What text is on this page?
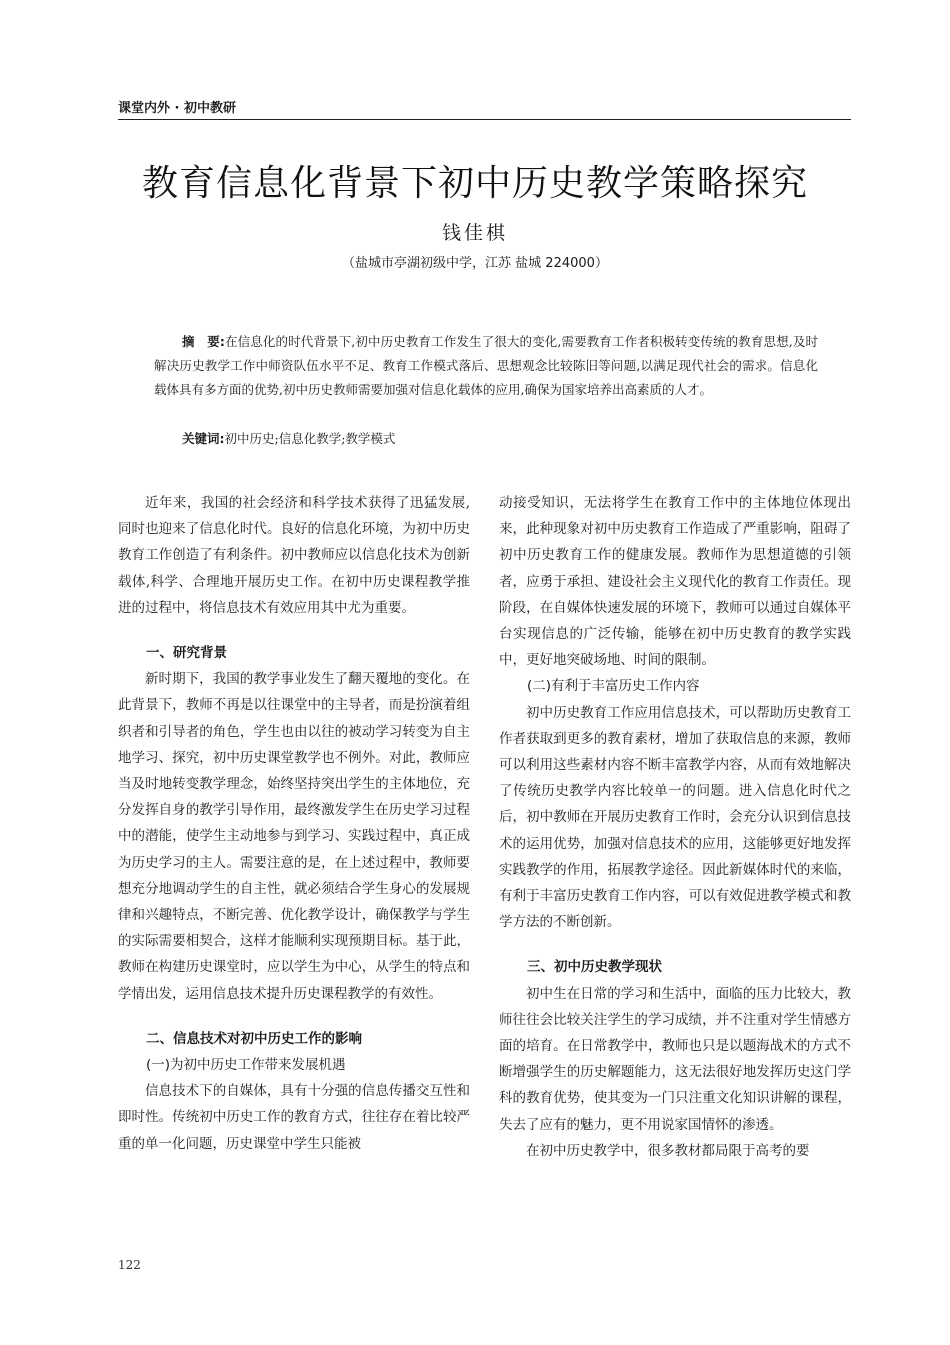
课堂内外 · 初中教研
教育信息化背景下初中历史教学策略探究
钱佳棋
（盐城市亭湖初级中学，江苏 盐城 224000）

摘　要:在信息化的时代背景下,初中历史教育工作发生了很大的变化,需要教育工作者积极转变传统的教育思想,及时解决历史教学工作中师资队伍水平不足、教育工作模式落后、思想观念比较陈旧等问题,以满足现代社会的需求。信息化载体具有多方面的优势,初中历史教师需要加强对信息化载体的应用,确保为国家培养出高素质的人才。

关键词:初中历史;信息化教学;教学模式

近年来，我国的社会经济和科学技术获得了迅猛发展,同时也迎来了信息化时代。良好的信息化环境，为初中历史教育工作创造了有利条件。初中教师应以信息化技术为创新载体,科学、合理地开展历史工作。在初中历史课程教学推进的过程中，将信息技术有效应用其中尤为重要。

一、研究背景

新时期下，我国的教学事业发生了翻天覆地的变化。在此背景下，教师不再是以往课堂中的主导者，而是扮演着组织者和引导者的角色，学生也由以往的被动学习转变为自主地学习、探究，初中历史课堂教学也不例外。对此，教师应当及时地转变教学理念，始终坚持突出学生的主体地位，充分发挥自身的教学引导作用，最终激发学生在历史学习过程中的潜能，使学生主动地参与到学习、实践过程中，真正成为历史学习的主人。需要注意的是，在上述过程中，教师要想充分地调动学生的自主性，就必须结合学生身心的发展规律和兴趣特点，不断完善、优化教学设计，确保教学与学生的实际需要相契合，这样才能顺利实现预期目标。基于此，教师在构建历史课堂时，应以学生为中心，从学生的特点和学情出发，运用信息技术提升历史课程教学的有效性。

二、信息技术对初中历史工作的影响
(一)为初中历史工作带来发展机遇

信息技术下的自媒体，具有十分强的信息传播交互性和即时性。传统初中历史工作的教育方式，往往存在着比较严重的单一化问题，历史课堂中学生只能被

动接受知识，无法将学生在教育工作中的主体地位体现出来，此种现象对初中历史教育工作造成了严重影响，阻碍了初中历史教育工作的健康发展。教师作为思想道德的引领者，应勇于承担、建设社会主义现代化的教育工作责任。现阶段，在自媒体快速发展的环境下，教师可以通过自媒体平台实现信息的广泛传输，能够在初中历史教育的教学实践中，更好地突破场地、时间的限制。

(二)有利于丰富历史工作内容

初中历史教育工作应用信息技术，可以帮助历史教育工作者获取到更多的教育素材，增加了获取信息的来源，教师可以利用这些素材内容不断丰富教学内容，从而有效地解决了传统历史教学内容比较单一的问题。进入信息化时代之后，初中教师在开展历史教育工作时，会充分认识到信息技术的运用优势，加强对信息技术的应用，这能够更好地发挥实践教学的作用，拓展教学途径。因此新媒体时代的来临，有利于丰富历史教育工作内容，可以有效促进教学模式和教学方法的不断创新。

三、初中历史教学现状

初中生在日常的学习和生活中，面临的压力比较大，教师往往会比较关注学生的学习成绩，并不注重对学生情感方面的培育。在日常教学中，教师也只是以题海战术的方式不断增强学生的历史解题能力，这无法很好地发挥历史这门学科的教育优势，使其变为一门只注重文化知识讲解的课程，失去了应有的魅力，更不用说家国情怀的渗透。

在初中历史教学中，很多教材都局限于高考的要

122
